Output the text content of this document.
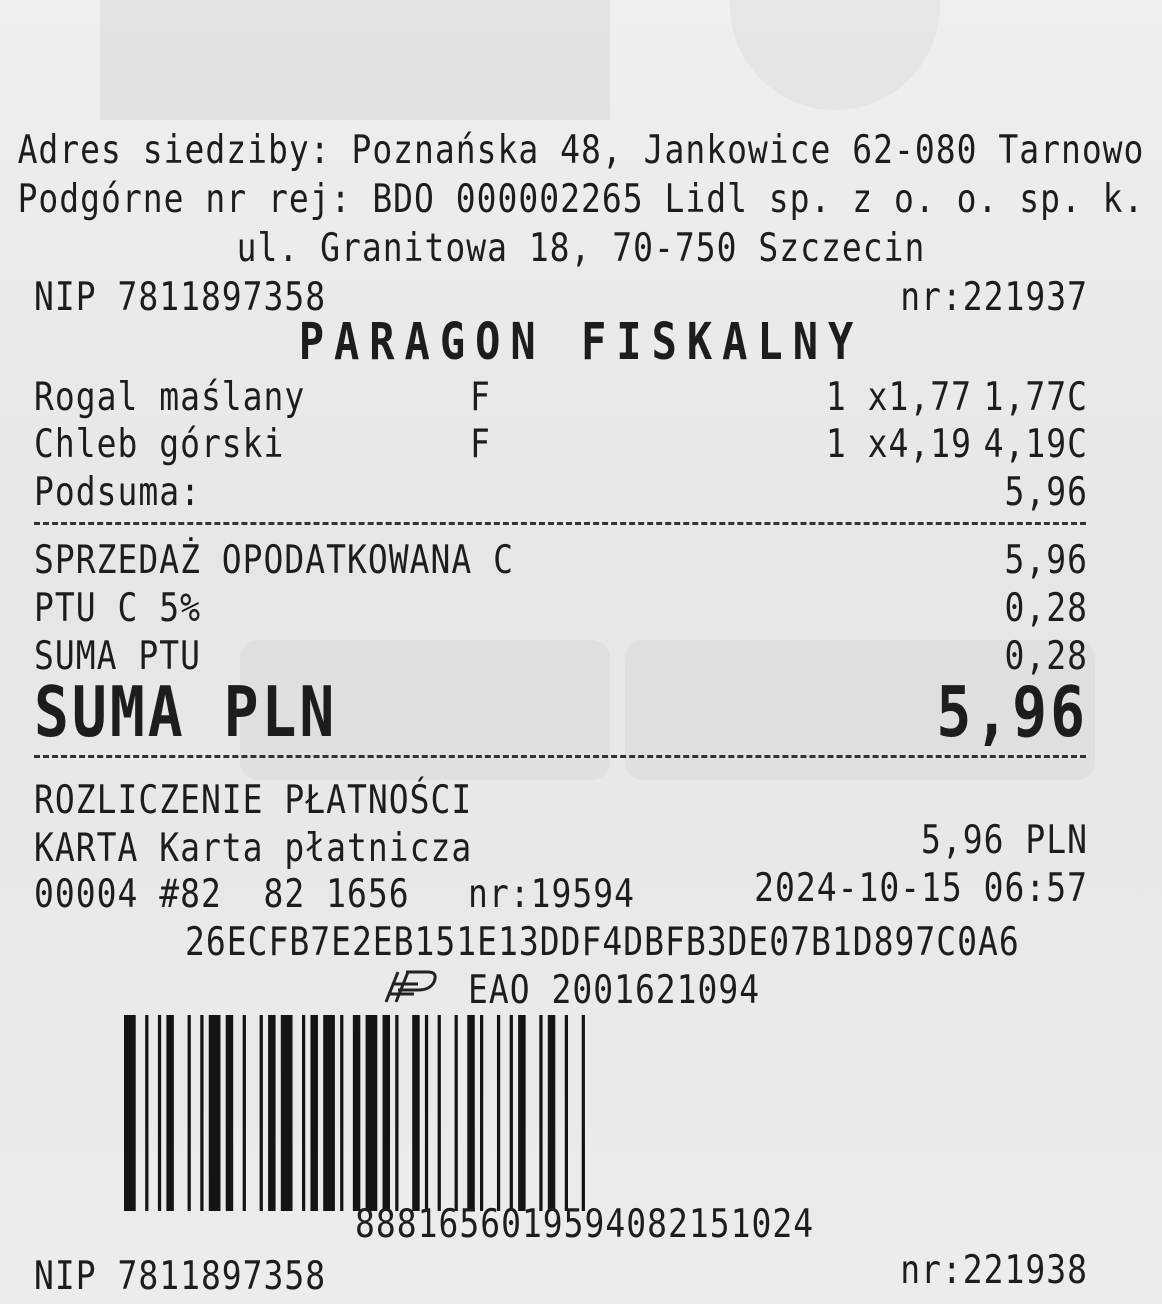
Adres siedziby: Poznańska 48, Jankowice 62-080 Tarnowo
Podgórne nr rej: BDO 000002265 Lidl sp. z o. o. sp. k.
ul. Granitowa 18, 70-750 Szczecin
NIP 7811897358	nr:221937
PARAGON FISKALNY
Rogal maślany	F	1 x1,77 1,77C
Chleb górski	F	1 x4,19 4,19C
Podsuma:	5,96
SPRZEDAŻ OPODATKOWANA C	5,96
PTU C 5%	0,28
SUMA PTU	0,28
SUMA PLN	5,96
ROZLICZENIE PŁATNOŚCI
KARTA Karta płatnicza	5,96 PLN
00004 #82  82 1656 nr:19594	2024-10-15 06:57
26ECFB7E2EB151E13DDF4DBFB3DE07B1D897C0A6
EAO 2001621094
8881656019594082151024
NIP 7811897358	nr:221938
